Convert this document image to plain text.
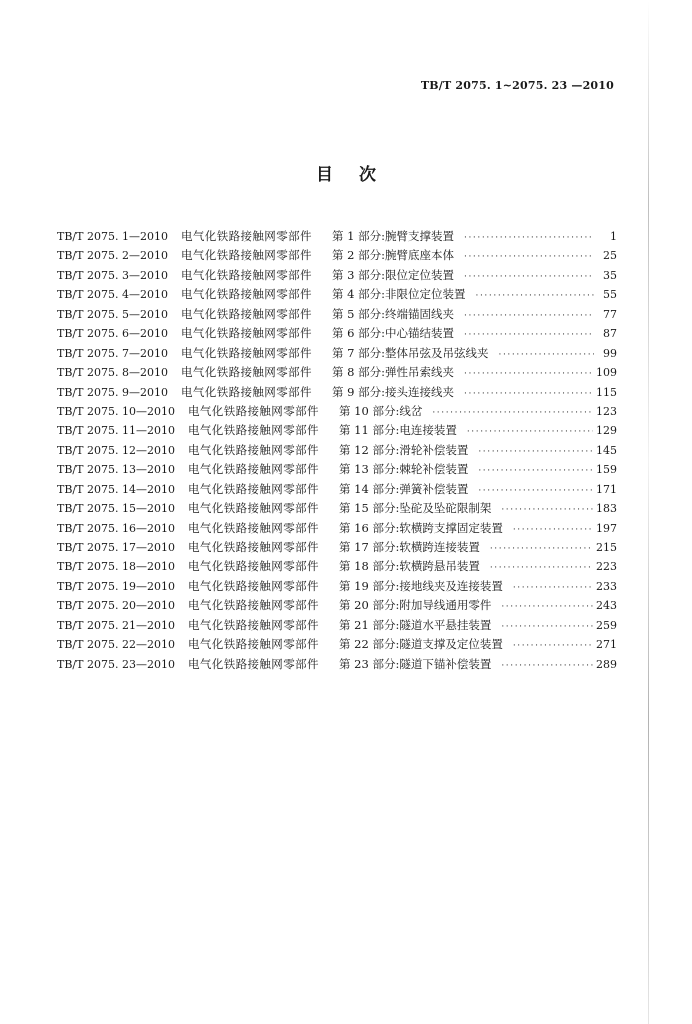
TB/T 2075. 1~2075. 23 —2010
目次
TB/T 2075. 1—2010	电气化铁路接触网零部件	第 1 部分:腕臂支撑装置 ·····	1
TB/T 2075. 2—2010	电气化铁路接触网零部件	第 2 部分:腕臂底座本体 ·····	25
TB/T 2075. 3—2010	电气化铁路接触网零部件	第 3 部分:限位定位装置 ·····	35
TB/T 2075. 4—2010	电气化铁路接触网零部件	第 4 部分:非限位定位装置 ·····	55
TB/T 2075. 5—2010	电气化铁路接触网零部件	第 5 部分:终端锚固线夹 ·····	77
TB/T 2075. 6—2010	电气化铁路接触网零部件	第 6 部分:中心锚结装置 ·····	87
TB/T 2075. 7—2010	电气化铁路接触网零部件	第 7 部分:整体吊弦及吊弦线夹 ·····	99
TB/T 2075. 8—2010	电气化铁路接触网零部件	第 8 部分:弹性吊索线夹 ·····	109
TB/T 2075. 9—2010	电气化铁路接触网零部件	第 9 部分:接头连接线夹 ·····	115
TB/T 2075. 10—2010	电气化铁路接触网零部件	第 10 部分:线岔 ·····	123
TB/T 2075. 11—2010	电气化铁路接触网零部件	第 11 部分:电连接装置 ·····	129
TB/T 2075. 12—2010	电气化铁路接触网零部件	第 12 部分:滑轮补偿装置 ·····	145
TB/T 2075. 13—2010	电气化铁路接触网零部件	第 13 部分:棘轮补偿装置 ·····	159
TB/T 2075. 14—2010	电气化铁路接触网零部件	第 14 部分:弹簧补偿装置 ·····	171
TB/T 2075. 15—2010	电气化铁路接触网零部件	第 15 部分:坠砣及坠砣限制架 ·····	183
TB/T 2075. 16—2010	电气化铁路接触网零部件	第 16 部分:软横跨支撑固定装置 ·····	197
TB/T 2075. 17—2010	电气化铁路接触网零部件	第 17 部分:软横跨连接装置 ·····	215
TB/T 2075. 18—2010	电气化铁路接触网零部件	第 18 部分:软横跨悬吊装置 ·····	223
TB/T 2075. 19—2010	电气化铁路接触网零部件	第 19 部分:接地线夹及连接装置 ·····	233
TB/T 2075. 20—2010	电气化铁路接触网零部件	第 20 部分:附加导线通用零件 ·····	243
TB/T 2075. 21—2010	电气化铁路接触网零部件	第 21 部分:隧道水平悬挂装置 ·····	259
TB/T 2075. 22—2010	电气化铁路接触网零部件	第 22 部分:隧道支撑及定位装置 ·····	271
TB/T 2075. 23—2010	电气化铁路接触网零部件	第 23 部分:隧道下锚补偿装置 ·····	289
